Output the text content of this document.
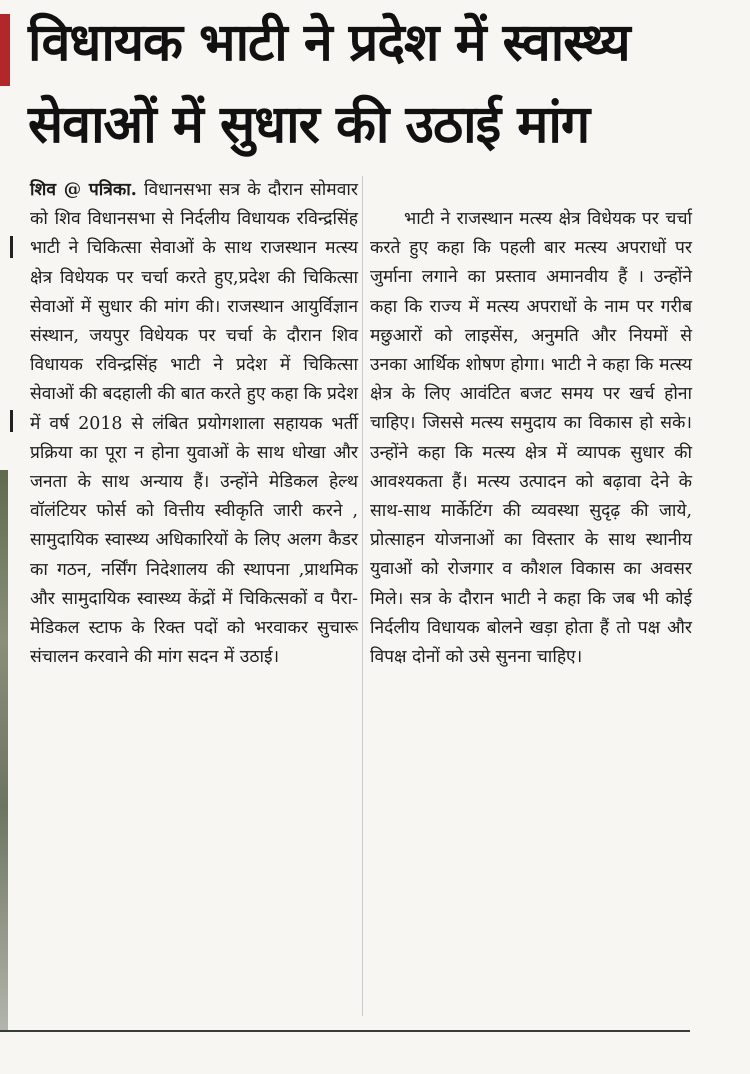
विधायक भाटी ने प्रदेश में स्वास्थ्य
सेवाओं में सुधार की उठाई मांग

शिव @ पत्रिका. विधानसभा सत्र के दौरान सोमवार को शिव विधानसभा से निर्दलीय विधायक रविन्द्रसिंह भाटी ने चिकित्सा सेवाओं के साथ राजस्थान मत्स्य क्षेत्र विधेयक पर चर्चा करते हुए,प्रदेश की चिकित्सा सेवाओं में सुधार की मांग की। राजस्थान आयुर्विज्ञान संस्थान, जयपुर विधेयक पर चर्चा के दौरान शिव विधायक रविन्द्रसिंह भाटी ने प्रदेश में चिकित्सा सेवाओं की बदहाली की बात करते हुए कहा कि प्रदेश में वर्ष 2018 से लंबित प्रयोगशाला सहायक भर्ती प्रक्रिया का पूरा न होना युवाओं के साथ धोखा और जनता के साथ अन्याय हैं। उन्होंने मेडिकल हेल्थ वॉलंटियर फोर्स को वित्तीय स्वीकृति जारी करने , सामुदायिक स्वास्थ्य अधिकारियों के लिए अलग कैडर का गठन, नर्सिंग निदेशालय की स्थापना ,प्राथमिक और सामुदायिक स्वास्थ्य केंद्रों में चिकित्सकों व पैरा-मेडिकल स्टाफ के रिक्त पदों को भरवाकर सुचारू संचालन करवाने की मांग सदन में उठाई।

भाटी ने राजस्थान मत्स्य क्षेत्र विधेयक पर चर्चा करते हुए कहा कि पहली बार मत्स्य अपराधों पर जुर्माना लगाने का प्रस्ताव अमानवीय हैं । उन्होंने कहा कि राज्य में मत्स्य अपराधों के नाम पर गरीब मछुआरों को लाइसेंस, अनुमति और नियमों से उनका आर्थिक शोषण होगा। भाटी ने कहा कि मत्स्य क्षेत्र के लिए आवंटित बजट समय पर खर्च होना चाहिए। जिससे मत्स्य समुदाय का विकास हो सके। उन्होंने कहा कि मत्स्य क्षेत्र में व्यापक सुधार की आवश्यकता हैं। मत्स्य उत्पादन को बढ़ावा देने के साथ-साथ मार्केटिंग की व्यवस्था सुदृढ़ की जाये, प्रोत्साहन योजनाओं का विस्तार के साथ स्थानीय युवाओं को रोजगार व कौशल विकास का अवसर मिले। सत्र के दौरान भाटी ने कहा कि जब भी कोई निर्दलीय विधायक बोलने खड़ा होता हैं तो पक्ष और विपक्ष दोनों को उसे सुनना चाहिए।
